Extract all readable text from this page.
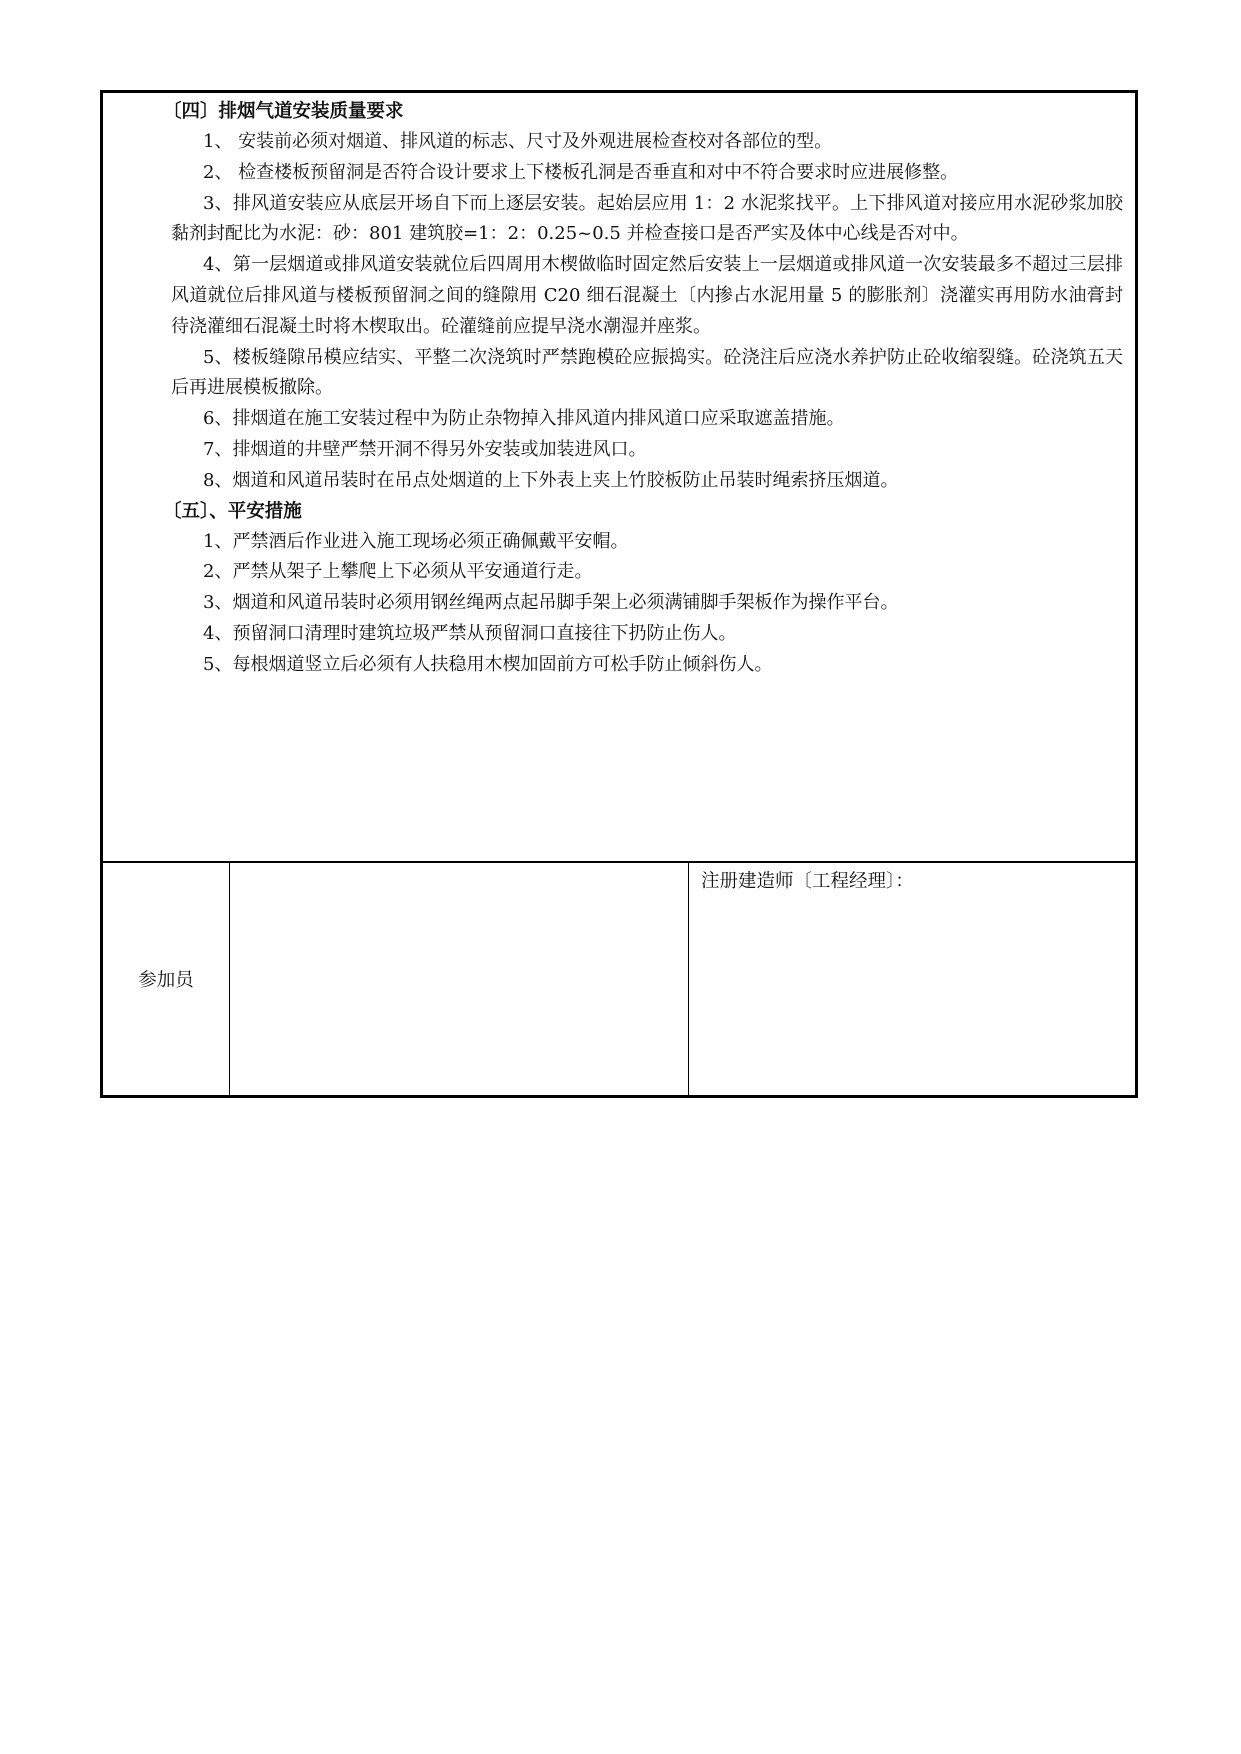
〔四〕排烟气道安装质量要求

1、 安装前必须对烟道、排风道的标志、尺寸及外观进展检查校对各部位的型。

2、 检查楼板预留洞是否符合设计要求上下楼板孔洞是否垂直和对中不符合要求时应进展修整。

3、排风道安装应从底层开场自下而上逐层安装。起始层应用 1：2 水泥浆找平。上下排风道对接应用水泥砂浆加胶黏剂封配比为水泥：砂：801 建筑胶=1：2：0.25~0.5 并检查接口是否严实及体中心线是否对中。

4、第一层烟道或排风道安装就位后四周用木楔做临时固定然后安装上一层烟道或排风道一次安装最多不超过三层排风道就位后排风道与楼板预留洞之间的缝隙用 C20 细石混凝土〔内掺占水泥用量 5 的膨胀剂〕浇灌实再用防水油膏封待浇灌细石混凝土时将木楔取出。砼灌缝前应提早浇水潮湿并座浆。

5、楼板缝隙吊模应结实、平整二次浇筑时严禁跑模砼应振捣实。砼浇注后应浇水养护防止砼收缩裂缝。砼浇筑五天后再进展模板撤除。

6、排烟道在施工安装过程中为防止杂物掉入排风道内排风道口应采取遮盖措施。

7、排烟道的井壁严禁开洞不得另外安装或加装进风口。

8、烟道和风道吊装时在吊点处烟道的上下外表上夹上竹胶板防止吊装时绳索挤压烟道。

〔五〕、平安措施

1、严禁酒后作业进入施工现场必须正确佩戴平安帽。

2、严禁从架子上攀爬上下必须从平安通道行走。

3、烟道和风道吊装时必须用钢丝绳两点起吊脚手架上必须满铺脚手架板作为操作平台。

4、预留洞口清理时建筑垃圾严禁从预留洞口直接往下扔防止伤人。

5、每根烟道竖立后必须有人扶稳用木楔加固前方可松手防止倾斜伤人。

参加员
注册建造师〔工程经理〕：
